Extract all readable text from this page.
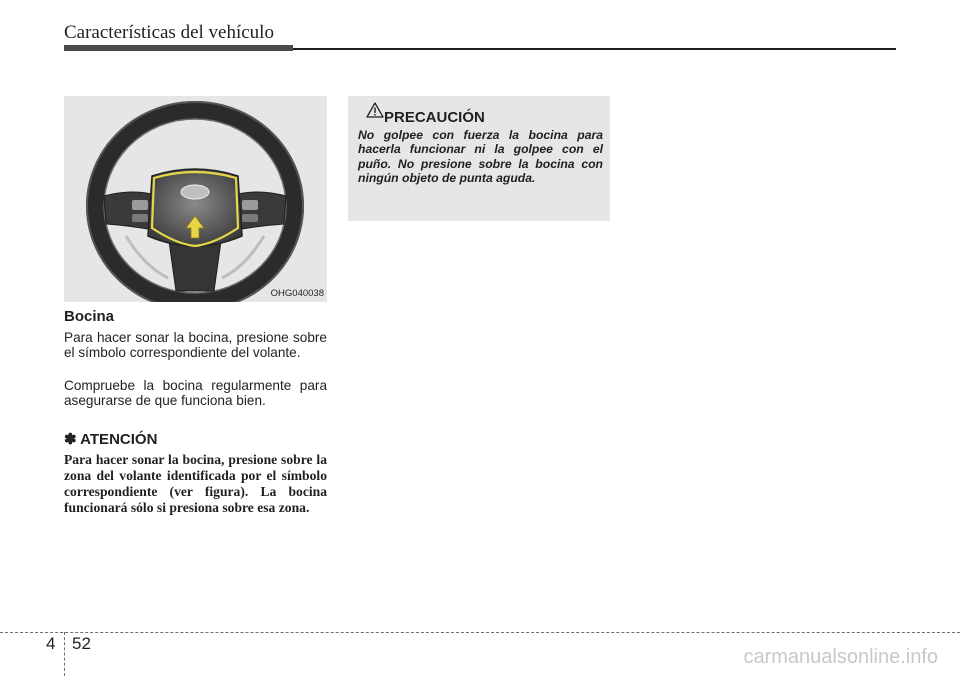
Características del vehículo
OHG040038
Bocina
Para hacer sonar la bocina, presione sobre el símbolo correspondiente del volante.
Compruebe la bocina regularmente para asegurarse de que funciona bien.
✽ ATENCIÓN
Para hacer sonar la bocina, presione sobre la zona del volante identificada por el símbolo correspondiente (ver figura). La bocina funcionará sólo si presiona sobre esa zona.
PRECAUCIÓN
No golpee con fuerza la bocina para hacerla funcionar ni la golpee con el puño. No presione sobre la bocina con ningún objeto de punta aguda.
4 52
carmanualsonline.info
